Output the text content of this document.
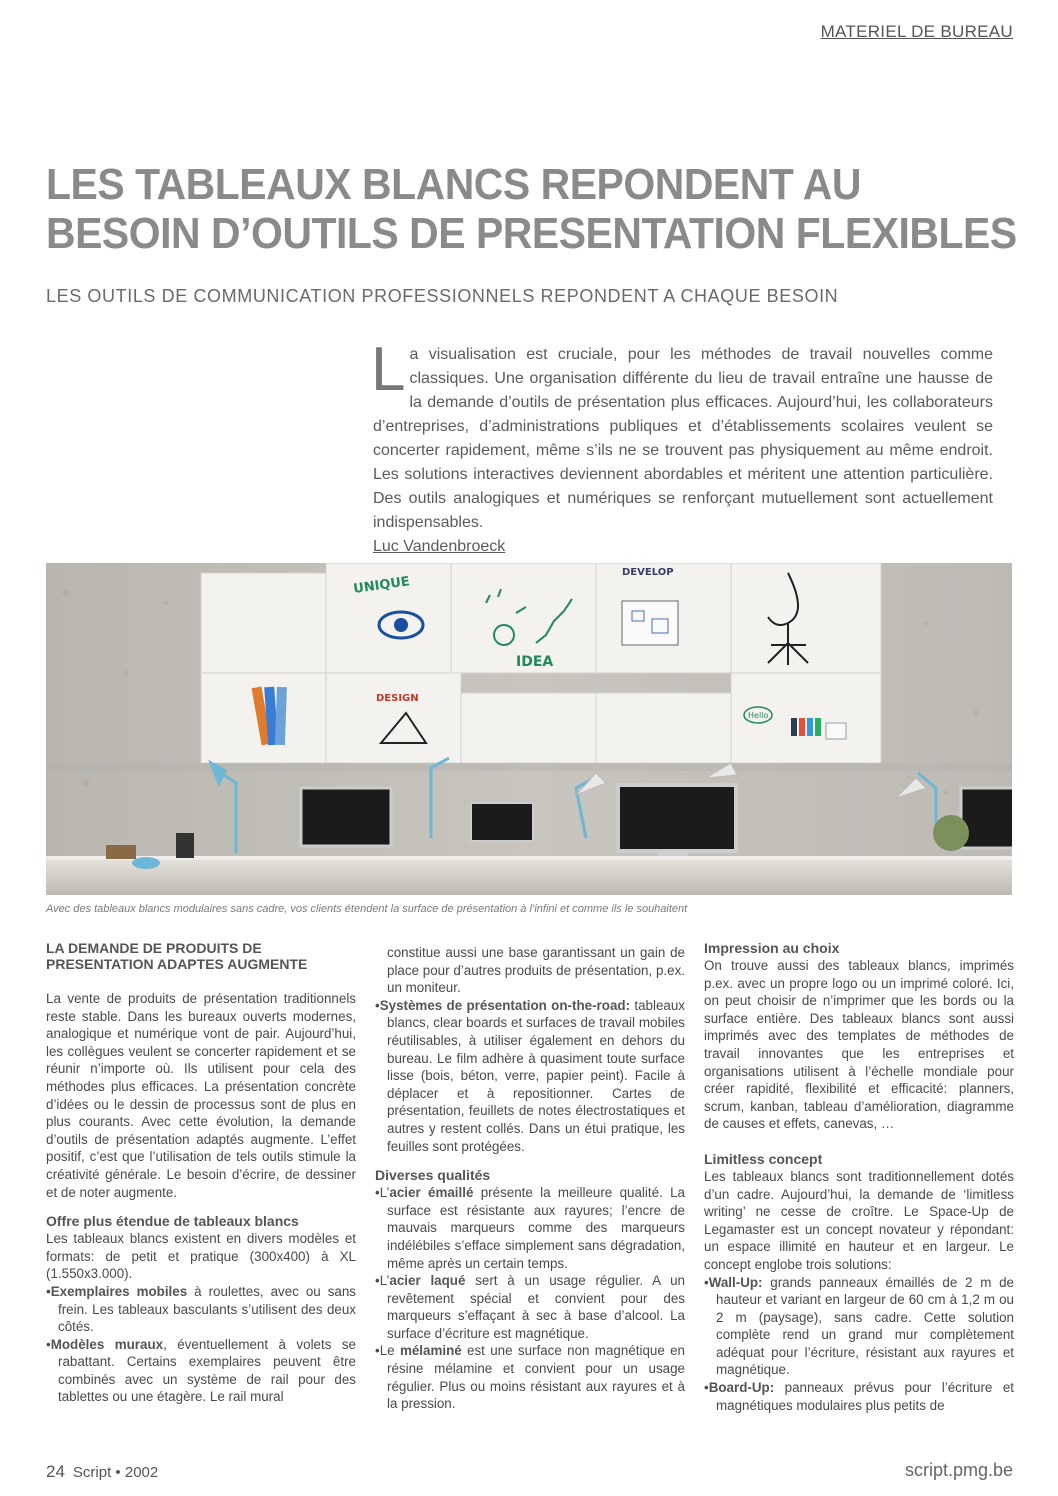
MATERIEL DE BUREAU
LES TABLEAUX BLANCS REPONDENT AU
BESOIN D’OUTILS DE PRESENTATION FLEXIBLES
LES OUTILS DE COMMUNICATION PROFESSIONNELS REPONDENT A CHAQUE BESOIN
La visualisation est cruciale, pour les méthodes de travail nouvelles comme classiques. Une organisation différente du lieu de travail entraîne une hausse de la demande d’outils de présentation plus efficaces. Aujourd’hui, les collaborateurs d’entreprises, d’administrations publiques et d’établissements scolaires veulent se concerter rapidement, même s’ils ne se trouvent pas physiquement au même endroit. Les solutions interactives deviennent abordables et méritent une attention particulière. Des outils analogiques et numériques se renforçant mutuellement sont actuellement indispensables.
Luc Vandenbroeck
UNIQUE
IDEA
DEVELOP
DESIGN
Hello
Avec des tableaux blancs modulaires sans cadre, vos clients étendent la surface de présentation à l’infini et comme ils le souhaitent
LA DEMANDE DE PRODUITS DE PRESENTATION ADAPTES AUGMENTE

La vente de produits de présentation traditionnels reste stable. Dans les bureaux ouverts modernes, analogique et numérique vont de pair. Aujourd’hui, les collègues veulent se concerter rapidement et se réunir n’importe où. Ils utilisent pour cela des méthodes plus efficaces. La présentation concrète d’idées ou le dessin de processus sont de plus en plus courants. Avec cette évolution, la demande d’outils de présentation adaptés augmente. L’effet positif, c’est que l’utilisation de tels outils stimule la créativité générale. Le besoin d’écrire, de dessiner et de noter augmente.

Offre plus étendue de tableaux blancs

Les tableaux blancs existent en divers modèles et formats: de petit et pratique (300x400) à XL (1.550x3.000).

•Exemplaires mobiles à roulettes, avec ou sans frein. Les tableaux basculants s’utilisent des deux côtés.

•Modèles muraux, éventuellement à volets se rabattant. Certains exemplaires peuvent être combinés avec un système de rail pour des tablettes ou une étagère. Le rail mural

constitue aussi une base garantissant un gain de place pour d’autres produits de présentation, p.ex. un moniteur.

•Systèmes de présentation on-the-road: tableaux blancs, clear boards et surfaces de travail mobiles réutilisables, à utiliser également en dehors du bureau. Le film adhère à quasiment toute surface lisse (bois, béton, verre, papier peint). Facile à déplacer et à repositionner. Cartes de présentation, feuillets de notes électrostatiques et autres y restent collés. Dans un étui pratique, les feuilles sont protégées.

Diverses qualités

•L’acier émaillé présente la meilleure qualité. La surface est résistante aux rayures; l’encre de mauvais marqueurs comme des marqueurs indélébiles s’efface simplement sans dégradation, même après un certain temps.

•L’acier laqué sert à un usage régulier. A un revêtement spécial et convient pour des marqueurs s’effaçant à sec à base d’alcool. La surface d’écriture est magnétique.

•Le mélaminé est une surface non magnétique en résine mélamine et convient pour un usage régulier. Plus ou moins résistant aux rayures et à la pression.

Impression au choix

On trouve aussi des tableaux blancs, imprimés p.ex. avec un propre logo ou un imprimé coloré. Ici, on peut choisir de n’imprimer que les bords ou la surface entière. Des tableaux blancs sont aussi imprimés avec des templates de méthodes de travail innovantes que les entreprises et organisations utilisent à l’échelle mondiale pour créer rapidité, flexibilité et efficacité: planners, scrum, kanban, tableau d’amélioration, diagramme de causes et effets, canevas, …

Limitless concept

Les tableaux blancs sont traditionnellement dotés d’un cadre. Aujourd’hui, la demande de ‘limitless writing’ ne cesse de croître. Le Space-Up de Legamaster est un concept novateur y répondant: un espace illimité en hauteur et en largeur. Le concept englobe trois solutions:

•Wall-Up: grands panneaux émaillés de 2 m de hauteur et variant en largeur de 60 cm à 1,2 m ou 2 m (paysage), sans cadre. Cette solution complète rend un grand mur complètement adéquat pour l’écriture, résistant aux rayures et magnétique.

•Board-Up: panneaux prévus pour l’écriture et magnétiques modulaires plus petits de

24 Script • 2002	script.pmg.be
